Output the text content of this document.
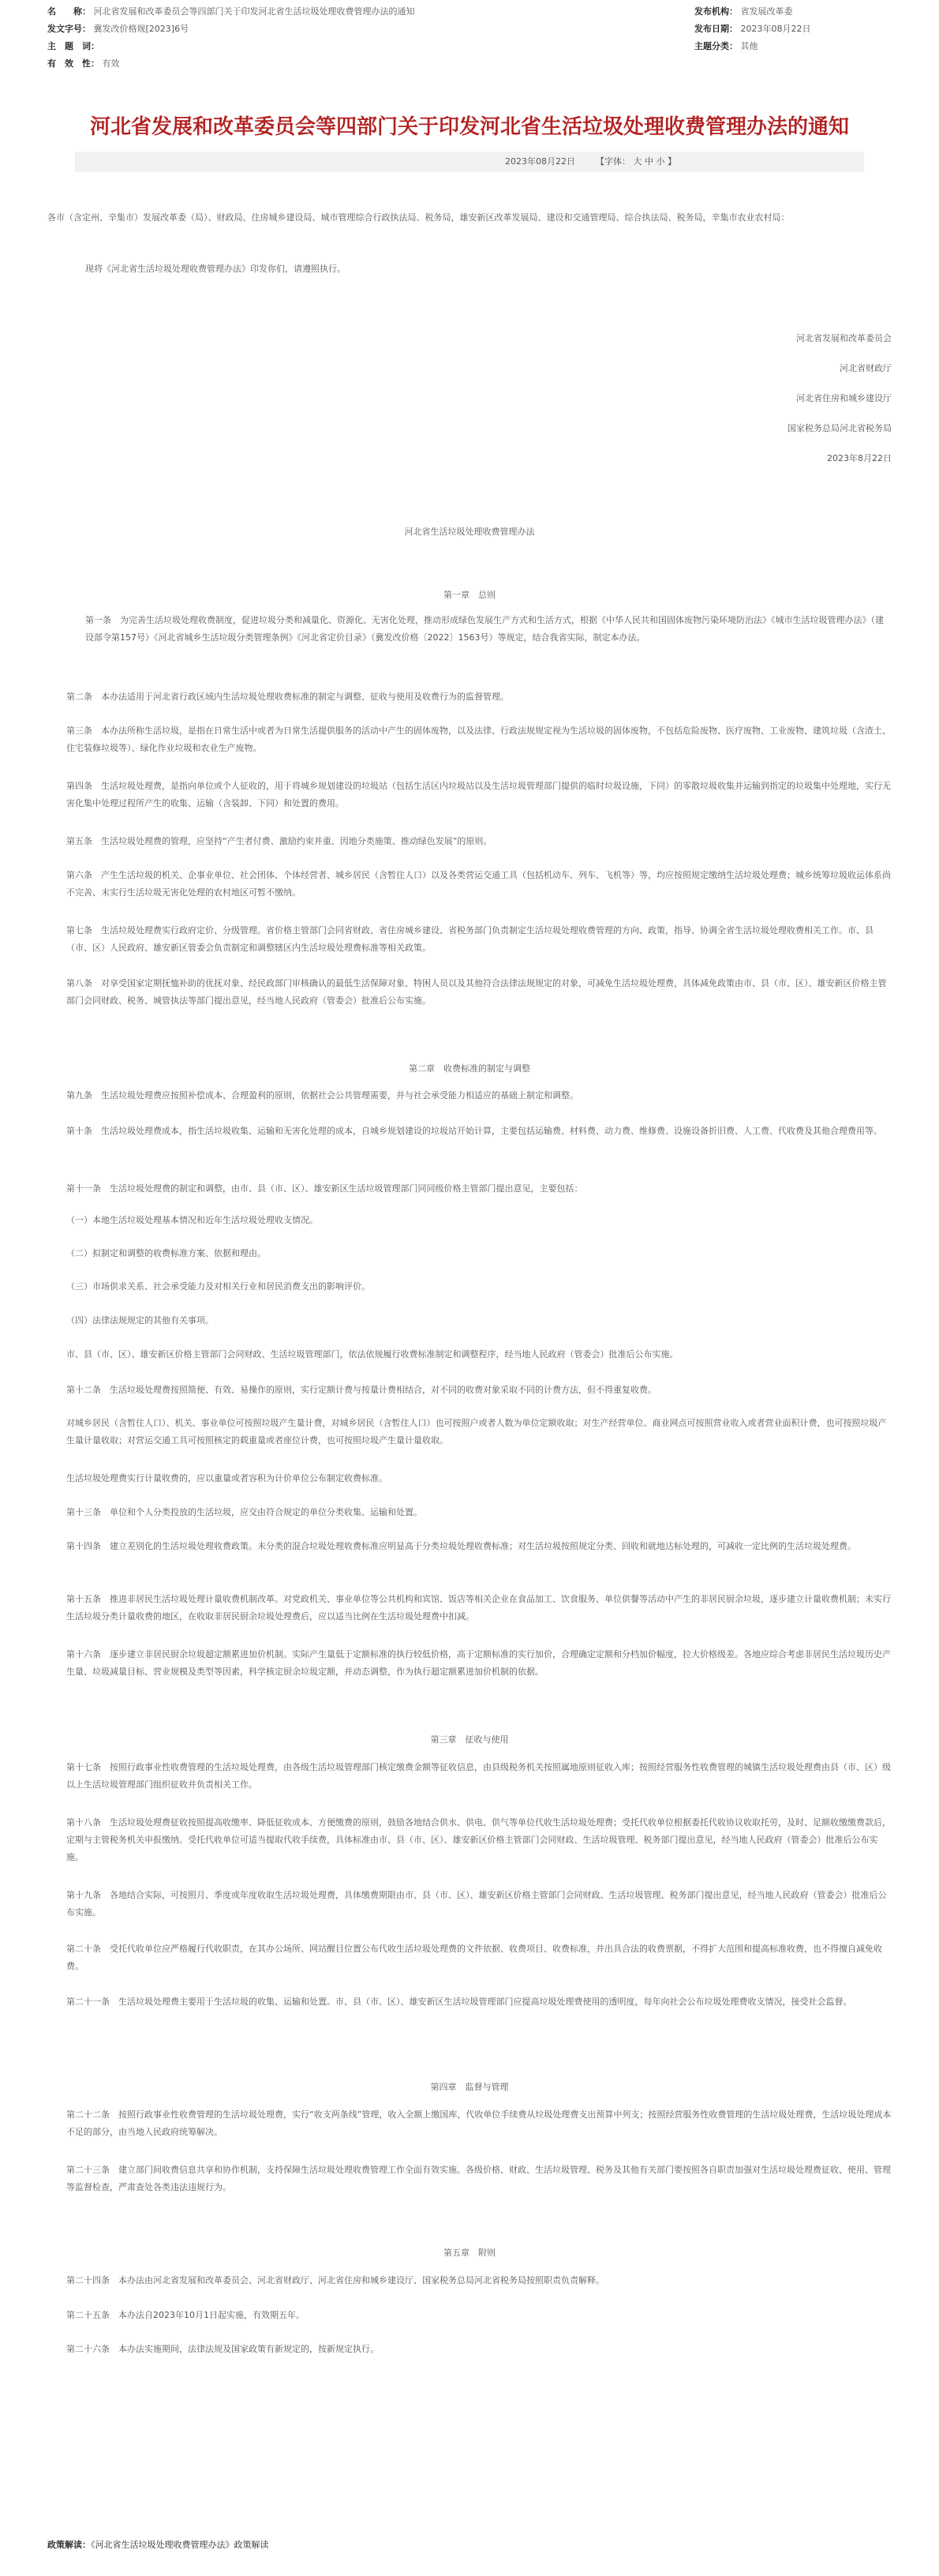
名　　称： 河北省发展和改革委员会等四部门关于印发河北省生活垃圾处理收费管理办法的通知
发文字号： 冀发改价格规[2023]6号
主　题　词：
有　效　性： 有效
发布机构： 省发展改革委
发布日期： 2023年08月22日
主题分类： 其他
河北省发展和改革委员会等四部门关于印发河北省生活垃圾处理收费管理办法的通知
2023年08月22日 【字体： 大 中 小 】
各市（含定州、辛集市）发展改革委（局）、财政局、住房城乡建设局、城市管理综合行政执法局、税务局，雄安新区改革发展局、建设和交通管理局、综合执法局、税务局，辛集市农业农村局：
现将《河北省生活垃圾处理收费管理办法》印发你们，请遵照执行。
河北省发展和改革委员会
河北省财政厅
河北省住房和城乡建设厅
国家税务总局河北省税务局
2023年8月22日
河北省生活垃圾处理收费管理办法
第一章　总则
第一条　为完善生活垃圾处理收费制度，促进垃圾分类和减量化、资源化、无害化处理，推动形成绿色发展生产方式和生活方式，根据《中华人民共和国固体废物污染环境防治法》《城市生活垃圾管理办法》（建设部令第157号）《河北省城乡生活垃圾分类管理条例》《河北省定价目录》（冀发改价格〔2022〕1563号）等规定，结合我省实际，制定本办法。
第二条　本办法适用于河北省行政区域内生活垃圾处理收费标准的制定与调整、征收与使用及收费行为的监督管理。
第三条　本办法所称生活垃圾，是指在日常生活中或者为日常生活提供服务的活动中产生的固体废物，以及法律、行政法规规定视为生活垃圾的固体废物，不包括危险废物、医疗废物、工业废物、建筑垃圾（含渣土、住宅装修垃圾等）、绿化作业垃圾和农业生产废物。
第四条　生活垃圾处理费，是指向单位或个人征收的，用于将城乡规划建设的垃圾站（包括生活区内垃圾站以及生活垃圾管理部门提供的临时垃圾设施，下同）的零散垃圾收集并运输到指定的垃圾集中处理地，实行无害化集中处理过程所产生的收集、运输（含装卸、下同）和处置的费用。
第五条　生活垃圾处理费的管理，应坚持“产生者付费、激励约束并重、因地分类施策、推动绿色发展”的原则。
第六条　产生生活垃圾的机关、企事业单位、社会团体、个体经营者、城乡居民（含暂住人口）以及各类营运交通工具（包括机动车、列车、飞机等）等，均应按照规定缴纳生活垃圾处理费；城乡统筹垃圾收运体系尚不完善、未实行生活垃圾无害化处理的农村地区可暂不缴纳。
第七条　生活垃圾处理费实行政府定价、分级管理。省价格主管部门会同省财政、省住房城乡建设、省税务部门负责制定生活垃圾处理收费管理的方向、政策，指导、协调全省生活垃圾处理收费相关工作。市、县（市、区）人民政府、雄安新区管委会负责制定和调整辖区内生活垃圾处理费标准等相关政策。
第八条　对享受国家定期抚恤补助的优抚对象、经民政部门审核确认的最低生活保障对象、特困人员以及其他符合法律法规规定的对象，可减免生活垃圾处理费，具体减免政策由市、县（市、区）、雄安新区价格主管部门会同财政、税务、城管执法等部门提出意见，经当地人民政府（管委会）批准后公布实施。
第二章　收费标准的制定与调整
第九条　生活垃圾处理费应按照补偿成本、合理盈利的原则，依据社会公共管理需要，并与社会承受能力相适应的基础上制定和调整。
第十条　生活垃圾处理费成本，指生活垃圾收集、运输和无害化处理的成本，自城乡规划建设的垃圾站开始计算，主要包括运输费、材料费、动力费、维修费、设施设备折旧费、人工费、代收费及其他合理费用等。
第十一条　生活垃圾处理费的制定和调整，由市、县（市、区）、雄安新区生活垃圾管理部门同同级价格主管部门提出意见，主要包括：
（一）本地生活垃圾处理基本情况和近年生活垃圾处理收支情况。
（二）拟制定和调整的收费标准方案、依据和理由。
（三）市场供求关系、社会承受能力及对相关行业和居民消费支出的影响评价。
（四）法律法规规定的其他有关事项。
市、县（市、区）、雄安新区价格主管部门会同财政、生活垃圾管理部门，依法依规履行收费标准制定和调整程序，经当地人民政府（管委会）批准后公布实施。
第十二条　生活垃圾处理费按照简便、有效、易操作的原则，实行定额计费与按量计费相结合，对不同的收费对象采取不同的计费方法，但不得重复收费。
对城乡居民（含暂住人口）、机关、事业单位可按照垃圾产生量计费，对城乡居民（含暂住人口）也可按照户或者人数为单位定额收取；对生产经营单位、商业网点可按照营业收入或者营业面积计费，也可按照垃圾产生量计量收取；对营运交通工具可按照核定的载重量或者座位计费，也可按照垃圾产生量计量收取。
生活垃圾处理费实行计量收费的，应以重量或者容积为计价单位公布制定收费标准。
第十三条　单位和个人分类投放的生活垃圾，应交由符合规定的单位分类收集、运输和处置。
第十四条　建立差别化的生活垃圾处理收费政策。未分类的混合垃圾处理收费标准应明显高于分类垃圾处理收费标准；对生活垃圾按照规定分类、回收和就地达标处理的，可减收一定比例的生活垃圾处理费。
第十五条　推进非居民生活垃圾处理计量收费机制改革。对党政机关、事业单位等公共机构和宾馆、饭店等相关企业在食品加工、饮食服务、单位供餐等活动中产生的非居民厨余垃圾，逐步建立计量收费机制；未实行生活垃圾分类计量收费的地区，在收取非居民厨余垃圾处理费后，应以适当比例在生活垃圾处理费中扣减。
第十六条　逐步建立非居民厨余垃圾超定额累进加价机制。实际产生量低于定额标准的执行较低价格，高于定额标准的实行加价，合理确定定额和分档加价幅度，拉大价格级差。各地应综合考虑非居民生活垃圾历史产生量、垃圾减量目标、营业规模及类型等因素，科学核定厨余垃圾定额，并动态调整，作为执行超定额累进加价机制的依据。
第三章　征收与使用
第十七条　按照行政事业性收费管理的生活垃圾处理费，由各级生活垃圾管理部门核定缴费金额等征收信息，由县级税务机关按照属地原则征收入库；按照经营服务性收费管理的城镇生活垃圾处理费由县（市、区）级以上生活垃圾管理部门组织征收并负责相关工作。
第十八条　生活垃圾处理费征收按照提高收缴率、降低征收成本、方便缴费的原则，鼓励各地结合供水、供电、供气等单位代收生活垃圾处理费；受托代收单位根据委托代收协议收取托劳，及时、足额收缴缴费款后，定期与主管税务机关申报缴纳。受托代收单位可适当提取代收手续费，具体标准由市、县（市、区）、雄安新区价格主管部门会同财政、生活垃圾管理、税务部门提出意见，经当地人民政府（管委会）批准后公布实施。
第十九条　各地结合实际，可按照月、季度或年度收取生活垃圾处理费，具体缴费期限由市、县（市、区）、雄安新区价格主管部门会同财政、生活垃圾管理、税务部门提出意见，经当地人民政府（管委会）批准后公布实施。
第二十条　受托代收单位应严格履行代收职责，在其办公场所、网站醒目位置公布代收生活垃圾处理费的文件依据、收费项目、收费标准，并出具合法的收费票据，不得扩大范围和提高标准收费，也不得擅自减免收费。
第二十一条　生活垃圾处理费主要用于生活垃圾的收集、运输和处置。市、县（市、区）、雄安新区生活垃圾管理部门应提高垃圾处理费使用的透明度，每年向社会公布垃圾处理费收支情况，接受社会监督。
第四章　监督与管理
第二十二条　按照行政事业性收费管理的生活垃圾处理费，实行“收支两条线”管理，收入全额上缴国库，代收单位手续费从垃圾处理费支出预算中列支；按照经营服务性收费管理的生活垃圾处理费，生活垃圾处理成本不足的部分，由当地人民政府统筹解决。
第二十三条　建立部门间收费信息共享和协作机制，支持保障生活垃圾处理收费管理工作全面有效实施。各级价格、财政、生活垃圾管理、税务及其他有关部门要按照各自职责加强对生活垃圾处理费征收、使用、管理等监督检查，严肃查处各类违法违规行为。
第五章　附则
第二十四条　本办法由河北省发展和改革委员会、河北省财政厅、河北省住房和城乡建设厅、国家税务总局河北省税务局按照职责负责解释。
第二十五条　本办法自2023年10月1日起实施，有效期五年。
第二十六条　本办法实施期间，法律法规及国家政策有新规定的，按新规定执行。
政策解读：《河北省生活垃圾处理收费管理办法》政策解读
